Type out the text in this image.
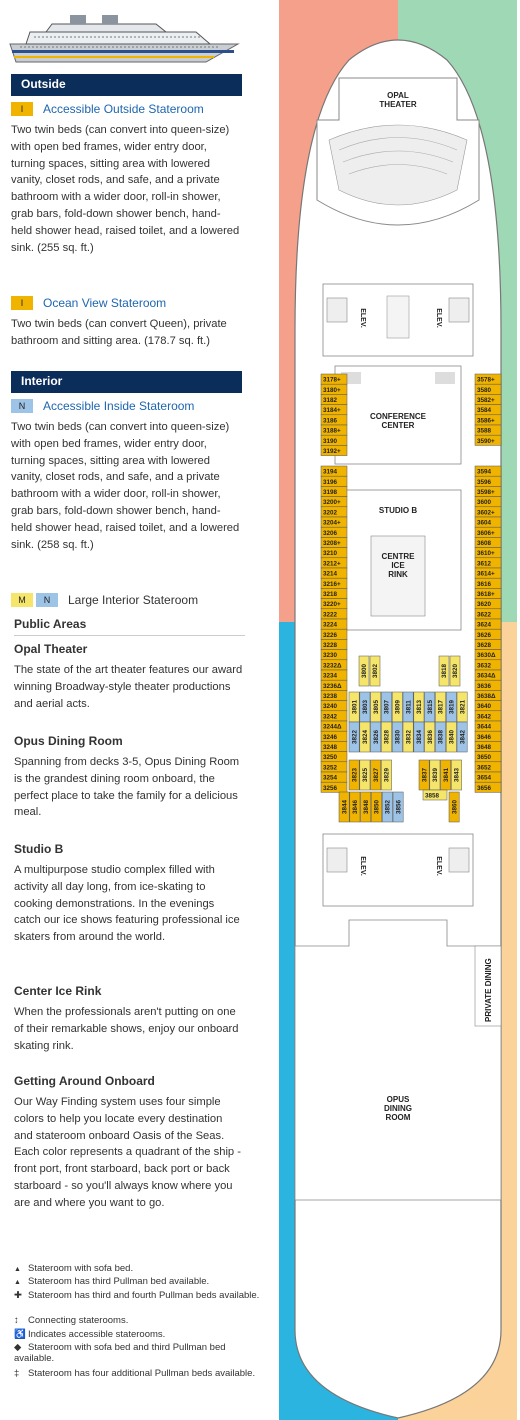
Outside
I Accessible Outside Stateroom
Two twin beds (can convert into queen-size) with open bed frames, wider entry door, turning spaces, sitting area with lowered vanity, closet rods, and safe, and a private bathroom with a wider door, roll-in shower, grab bars, fold-down shower bench, hand-held shower head, raised toilet, and a lowered sink. (255 sq. ft.)
I Ocean View Stateroom
Two twin beds (can convert Queen), private bathroom and sitting area. (178.7 sq. ft.)
Interior
N Accessible Inside Stateroom
Two twin beds (can convert into queen-size) with open bed frames, wider entry door, turning spaces, sitting area with lowered vanity, closet rods, and safe, and a private bathroom with a wider door, roll-in shower, grab bars, fold-down shower bench, hand-held shower head, raised toilet, and a lowered sink. (258 sq. ft.)
M N Large Interior Stateroom
Public Areas
Opal Theater
The state of the art theater features our award winning Broadway-style theater productions and aerial acts.
Opus Dining Room
Spanning from decks 3-5, Opus Dining Room is the grandest dining room onboard, the perfect place to take the family for a delicious meal.
Studio B
A multipurpose studio complex filled with activity all day long, from ice-skating to cooking demonstrations. In the evenings catch our ice shows featuring professional ice skaters from around the world.
Center Ice Rink
When the professionals aren't putting on one of their remarkable shows, enjoy our onboard skating rink.
Getting Around Onboard
Our Way Finding system uses four simple colors to help you locate every destination and stateroom onboard Oasis of the Seas. Each color represents a quadrant of the ship - front port, front starboard, back port or back starboard - so you'll always know where you are and where you want to go.
▲ Stateroom with sofa bed.
▲ Stateroom has third Pullman bed available.
✚ Stateroom has third and fourth Pullman beds available.
↕ Connecting staterooms.
♿ Indicates accessible staterooms.
◆ Stateroom with sofa bed and third Pullman bed available.
‡ Stateroom has four additional Pullman beds available.
OPAL THEATER
ELEV.	ELEV.
CONFERENCE CENTER
STUDIO B
CENTRE ICE RINK
ELEV.	ELEV.
PRIVATE DINING
OPUS DINING ROOM
3178+
3180+
3182
3184+
3186
3188+
3190
3192+
3194
3196
3198
3200+
3202
3204+
3206
3208+
3210
3212+
3214
3216+
3218
3220+
3222
3224
3226
3228
3230
3232Δ
3234
3236Δ
3238
3240
3242
3244Δ
3246
3248
3250
3252
3254
3256
3578+
3580
3582+
3584
3586+
3588
3590+
3594
3596
3598+
3600
3602+
3604
3606+
3608
3610+
3612
3614+
3616
3618+
3620
3622
3624
3626
3628
3630Δ
3632
3634Δ
3636
3638Δ
3640
3642
3644
3646
3648
3650
3652
3654
3656
3800 3802	3818 3820
3801 3803 3805 3807 3809 3811 3813 3815 3817 3819 3821
3822 3824 3826 3828 3830 3832 3834 3836 3838 3840 3842
3823 3825 3827 3829	3837 3839 3841 3843
3844 3846 3848 3850 3852 3856
3858
3860
